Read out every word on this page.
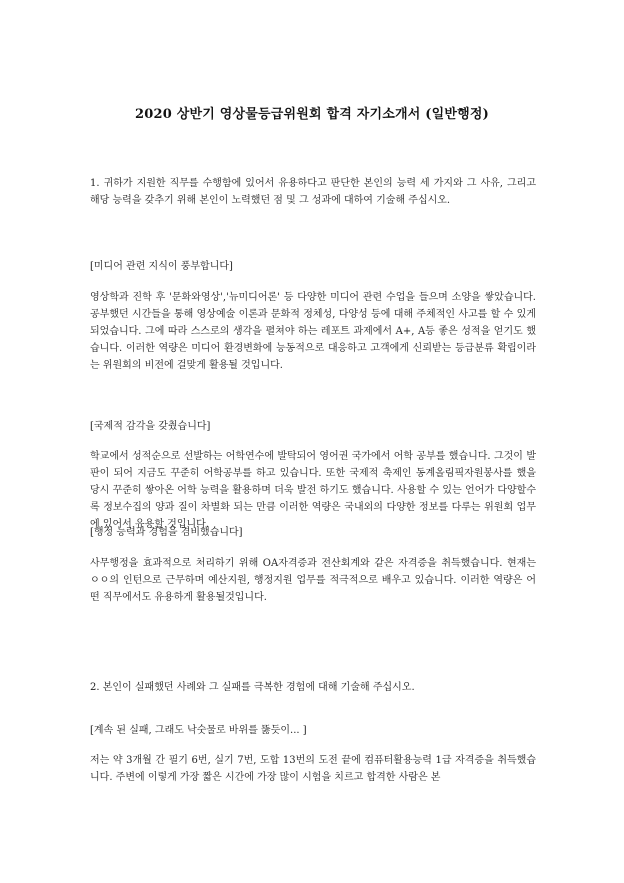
2020 상반기 영상물등급위원회 합격 자기소개서 (일반행정)

1. 귀하가 지원한 직무를 수행함에 있어서 유용하다고 판단한 본인의 능력 세 가지와 그 사유, 그리고 해당 능력을 갖추기 위해 본인이 노력했던 점 및 그 성과에 대하여 기술해 주십시오.

[미디어 관련 지식이 풍부합니다]

영상학과 진학 후 '문화와영상','뉴미디어론' 등 다양한 미디어 관련 수업을 들으며 소양을 쌓았습니다. 공부했던 시간들을 통해 영상예술 이론과 문화적 정체성, 다양성 등에 대해 주체적인 사고를 할 수 있게 되었습니다. 그에 따라 스스로의 생각을 펼쳐야 하는 레포트 과제에서 A+, A등 좋은 성적을 얻기도 했습니다. 이러한 역량은 미디어 환경변화에 능동적으로 대응하고 고객에게 신뢰받는 등급분류 확립이라는 위원회의 비전에 걸맞게 활용될 것입니다.

[국제적 감각을 갖췄습니다]

학교에서 성적순으로 선발하는 어학연수에 발탁되어 영어권 국가에서 어학 공부를 했습니다. 그것이 발판이 되어 지금도 꾸준히 어학공부를 하고 있습니다. 또한 국제적 축제인 동계올림픽자원봉사를 했을 당시 꾸준히 쌓아온 어학 능력을 활용하며 더욱 발전 하기도 했습니다. 사용할 수 있는 언어가 다양할수록 정보수집의 양과 질이 차별화 되는 만큼 이러한 역량은 국내외의 다양한 정보를 다루는 위원회 업무에 있어서 유용할 것입니다.

[행정 능력과 경험을 겸비했습니다]

사무행정을 효과적으로 처리하기 위해 OA자격증과 전산회계와 같은 자격증을 취득했습니다. 현재는 ㅇㅇ의 인턴으로 근무하며 예산지원, 행정지원 업무를 적극적으로 배우고 있습니다. 이러한 역량은 어떤 직무에서도 유용하게 활용될것입니다.

2. 본인이 실패했던 사례와 그 실패를 극복한 경험에 대해 기술해 주십시오.

[계속 된 실패, 그래도 낙숫물로 바위를 뚫듯이... ]

저는 약 3개월 간 필기 6번, 실기 7번, 도합 13번의 도전 끝에 컴퓨터활용능력 1급 자격증을 취득했습니다. 주변에 이렇게 가장 짧은 시간에 가장 많이 시험을 치르고 합격한 사람은 본
